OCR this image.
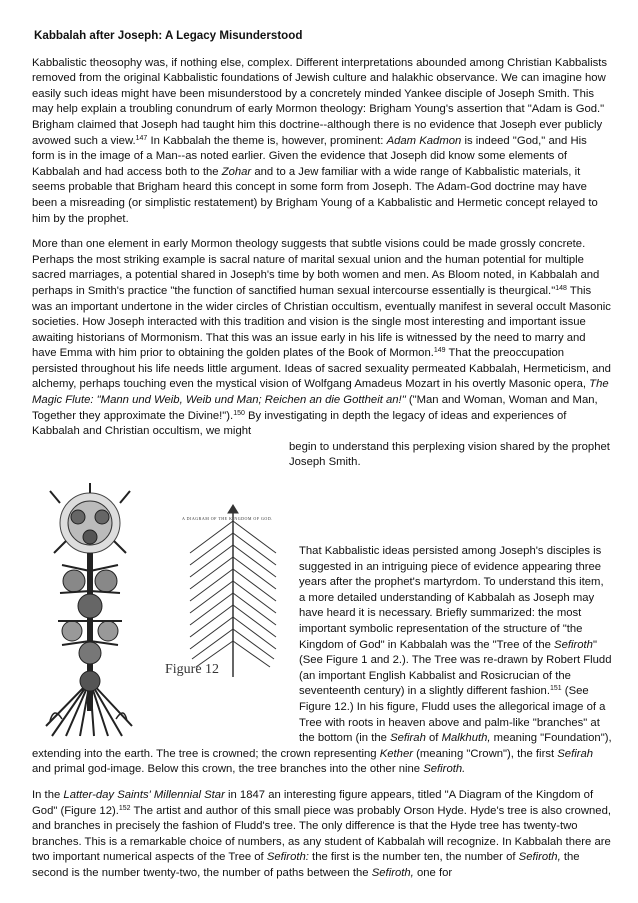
Kabbalah after Joseph: A Legacy Misunderstood

Kabbalistic theosophy was, if nothing else, complex. Different interpretations abounded among Christian Kabbalists removed from the original Kabbalistic foundations of Jewish culture and halakhic observance. We can imagine how easily such ideas might have been misunderstood by a concretely minded Yankee disciple of Joseph Smith. This may help explain a troubling conundrum of early Mormon theology: Brigham Young's assertion that "Adam is God." Brigham claimed that Joseph had taught him this doctrine--although there is no evidence that Joseph ever publicly avowed such a view.$^{147}$ In Kabbalah the theme is, however, prominent: Adam Kadmon is indeed "God," and His form is in the image of a Man--as noted earlier. Given the evidence that Joseph did know some elements of Kabbalah and had access both to the Zohar and to a Jew familiar with a wide range of Kabbalistic materials, it seems probable that Brigham heard this concept in some form from Joseph. The Adam-God doctrine may have been a misreading (or simplistic restatement) by Brigham Young of a Kabbalistic and Hermetic concept relayed to him by the prophet.

More than one element in early Mormon theology suggests that subtle visions could be made grossly concrete. Perhaps the most striking example is sacral nature of marital sexual union and the human potential for multiple sacred marriages, a potential shared in Joseph's time by both women and men. As Bloom noted, in Kabbalah and perhaps in Smith's practice "the function of sanctified human sexual intercourse essentially is theurgical."$^{148}$ This was an important undertone in the wider circles of Christian occultism, eventually manifest in several occult Masonic societies. How Joseph interacted with this tradition and vision is the single most interesting and important issue awaiting historians of Mormonism. That this was an issue early in his life is witnessed by the need to marry and have Emma with him prior to obtaining the golden plates of the Book of Mormon.$^{149}$ That the preoccupation persisted throughout his life needs little argument. Ideas of sacred sexuality permeated Kabbalah, Hermeticism, and alchemy, perhaps touching even the mystical vision of Wolfgang Amadeus Mozart in his overtly Masonic opera, The Magic Flute: "Mann und Weib, Weib und Man; Reichen an die Gottheit an!" ("Man and Woman, Woman and Man, Together they approximate the Divine!").$^{150}$ By investigating in depth the legacy of ideas and experiences of Kabbalah and Christian occultism, we might

begin to understand this perplexing vision shared by the prophet Joseph Smith.
A DIAGRAM OF THE KINGDOM OF GOD.
Figure 12

That Kabbalistic ideas persisted among Joseph's disciples is suggested in an intriguing piece of evidence appearing three years after the prophet's martyrdom. To understand this item, a more detailed understanding of Kabbalah as Joseph may have heard it is necessary. Briefly summarized: the most important symbolic representation of the structure of "the Kingdom of God" in Kabbalah was the "Tree of the Sefiroth" (See Figure 1 and 2.). The Tree was re-drawn by Robert Fludd (an important English Kabbalist and Rosicrucian of the seventeenth century) in a slightly different fashion.$^{151}$ (See Figure 12.) In his figure, Fludd uses the allegorical image of a Tree with roots in heaven above and palm-like "branches" at the bottom (in the Sefirah of Malkhuth, meaning "Foundation"), extending into the earth. The tree is crowned; the crown representing Kether (meaning "Crown"), the first Sefirah and primal god-image. Below this crown, the tree branches into the other nine Sefiroth.

In the Latter-day Saints' Millennial Star in 1847 an interesting figure appears, titled "A Diagram of the Kingdom of God" (Figure 12).$^{152}$ The artist and author of this small piece was probably Orson Hyde. Hyde's tree is also crowned, and branches in precisely the fashion of Fludd's tree. The only difference is that the Hyde tree has twenty-two branches. This is a remarkable choice of numbers, as any student of Kabbalah will recognize. In Kabbalah there are two important numerical aspects of the Tree of Sefiroth: the first is the number ten, the number of Sefiroth, the second is the number twenty-two, the number of paths between the Sefiroth, one for
